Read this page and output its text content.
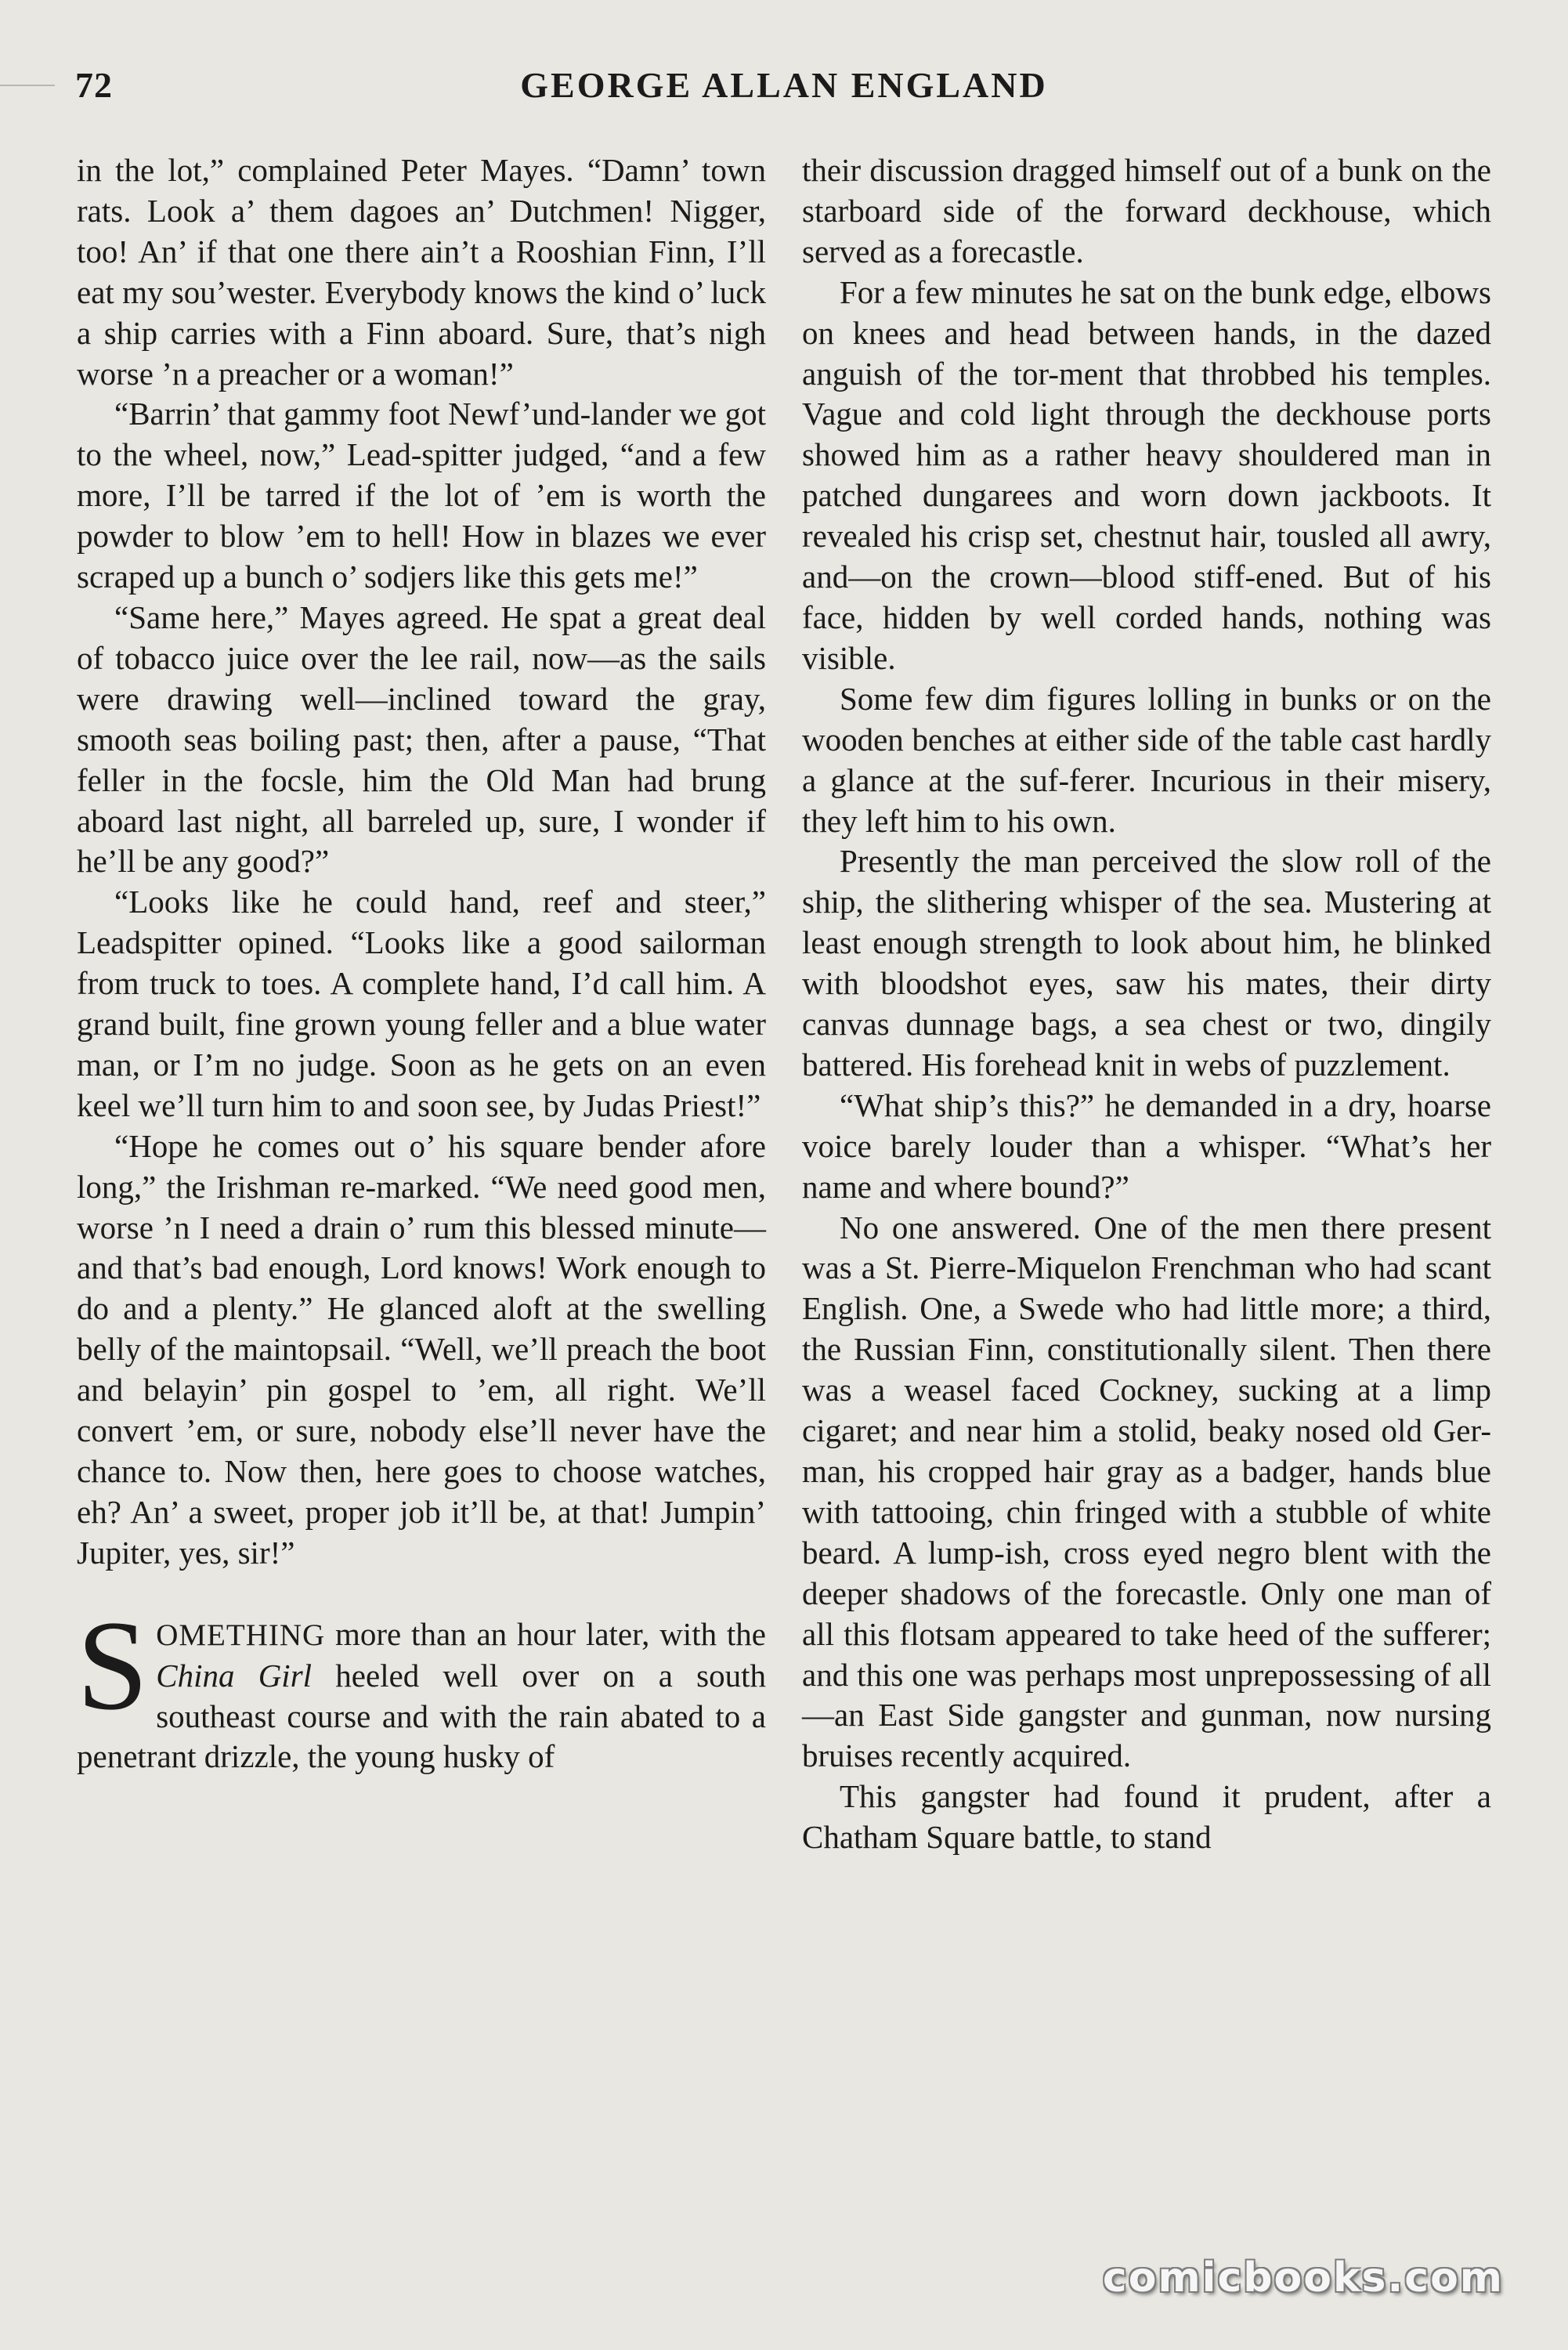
72	GEORGE ALLAN ENGLAND

in the lot,” complained Peter Mayes. “Damn’ town rats. Look a’ them dagoes an’ Dutchmen! Nigger, too! An’ if that one there ain’t a Rooshian Finn, I’ll eat my sou’wester. Everybody knows the kind o’ luck a ship carries with a Finn aboard. Sure, that’s nigh worse ’n a preacher or a woman!”

“Barrin’ that gammy foot Newf’und-lander we got to the wheel, now,” Lead-spitter judged, “and a few more, I’ll be tarred if the lot of ’em is worth the powder to blow ’em to hell! How in blazes we ever scraped up a bunch o’ sodjers like this gets me!”

“Same here,” Mayes agreed. He spat a great deal of tobacco juice over the lee rail, now—as the sails were drawing well—inclined toward the gray, smooth seas boiling past; then, after a pause, “That feller in the focsle, him the Old Man had brung aboard last night, all barreled up, sure, I wonder if he’ll be any good?”

“Looks like he could hand, reef and steer,” Leadspitter opined. “Looks like a good sailorman from truck to toes. A complete hand, I’d call him. A grand built, fine grown young feller and a blue water man, or I’m no judge. Soon as he gets on an even keel we’ll turn him to and soon see, by Judas Priest!”

“Hope he comes out o’ his square bender afore long,” the Irishman re-marked. “We need good men, worse ’n I need a drain o’ rum this blessed minute—and that’s bad enough, Lord knows! Work enough to do and a plenty.” He glanced aloft at the swelling belly of the maintopsail. “Well, we’ll preach the boot and belayin’ pin gospel to ’em, all right. We’ll convert ’em, or sure, nobody else’ll never have the chance to. Now then, here goes to choose watches, eh? An’ a sweet, proper job it’ll be, at that! Jumpin’ Jupiter, yes, sir!”

SOMETHING more than an hour later, with the China Girl heeled well over on a south southeast course and with the rain abated to a penetrant drizzle, the young husky of

their discussion dragged himself out of a bunk on the starboard side of the forward deckhouse, which served as a forecastle.

For a few minutes he sat on the bunk edge, elbows on knees and head between hands, in the dazed anguish of the tor-ment that throbbed his temples. Vague and cold light through the deckhouse ports showed him as a rather heavy shouldered man in patched dungarees and worn down jackboots. It revealed his crisp set, chestnut hair, tousled all awry, and—on the crown—blood stiff-ened. But of his face, hidden by well corded hands, nothing was visible.

Some few dim figures lolling in bunks or on the wooden benches at either side of the table cast hardly a glance at the suf-ferer. Incurious in their misery, they left him to his own.

Presently the man perceived the slow roll of the ship, the slithering whisper of the sea. Mustering at least enough strength to look about him, he blinked with bloodshot eyes, saw his mates, their dirty canvas dunnage bags, a sea chest or two, dingily battered. His forehead knit in webs of puzzlement.

“What ship’s this?” he demanded in a dry, hoarse voice barely louder than a whisper. “What’s her name and where bound?”

No one answered. One of the men there present was a St. Pierre-Miquelon Frenchman who had scant English. One, a Swede who had little more; a third, the Russian Finn, constitutionally silent. Then there was a weasel faced Cockney, sucking at a limp cigaret; and near him a stolid, beaky nosed old Ger-man, his cropped hair gray as a badger, hands blue with tattooing, chin fringed with a stubble of white beard. A lump-ish, cross eyed negro blent with the deeper shadows of the forecastle. Only one man of all this flotsam appeared to take heed of the sufferer; and this one was perhaps most unprepossessing of all—an East Side gangster and gunman, now nursing bruises recently acquired.

This gangster had found it prudent, after a Chatham Square battle, to stand

comicbooks.com
